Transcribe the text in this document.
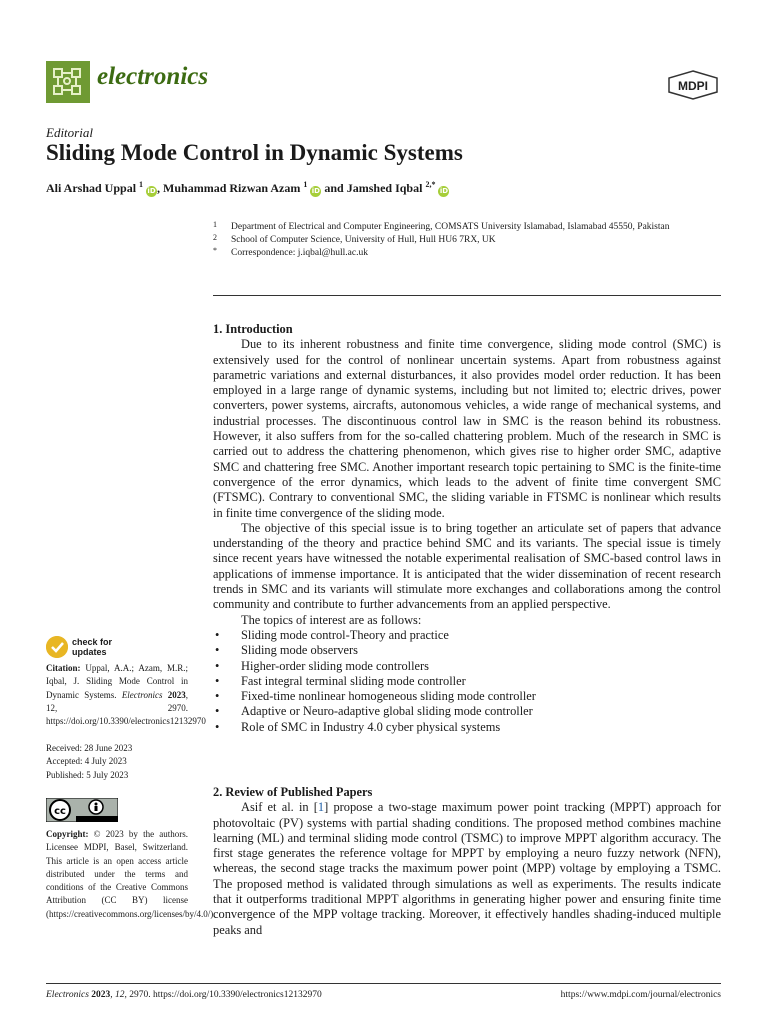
electronics	MDPI
Editorial
Sliding Mode Control in Dynamic Systems
Ali Arshad Uppal $^1$ iD, Muhammad Rizwan Azam $^1$ iD and Jamshed Iqbal $^{2,*}$ iD
1 Department of Electrical and Computer Engineering, COMSATS University Islamabad, Islamabad 45550, Pakistan
2 School of Computer Science, University of Hull, Hull HU6 7RX, UK
* Correspondence: j.iqbal@hull.ac.uk
1. Introduction

Due to its inherent robustness and finite time convergence, sliding mode control (SMC) is extensively used for the control of nonlinear uncertain systems. Apart from robustness against parametric variations and external disturbances, it also provides model order reduction. It has been employed in a large range of dynamic systems, including but not limited to; electric drives, power converters, power systems, aircrafts, autonomous vehicles, a wide range of mechanical systems, and industrial processes. The discontinuous control law in SMC is the reason behind its robustness. However, it also suffers from for the so-called chattering problem. Much of the research in SMC is carried out to address the chattering phenomenon, which gives rise to higher order SMC, adaptive SMC and chattering free SMC. Another important research topic pertaining to SMC is the finite-time convergence of the error dynamics, which leads to the advent of finite time convergent SMC (FTSMC). Contrary to conventional SMC, the sliding variable in FTSMC is nonlinear which results in finite time convergence of the sliding mode.

The objective of this special issue is to bring together an articulate set of papers that advance understanding of the theory and practice behind SMC and its variants. The special issue is timely since recent years have witnessed the notable experimental realisation of SMC-based control laws in applications of immense importance. It is anticipated that the wider dissemination of recent research trends in SMC and its variants will stimulate more exchanges and collaborations among the control community and contribute to further advancements from an applied perspective.

The topics of interest are as follows:

• Sliding mode control-Theory and practice
• Sliding mode observers
• Higher-order sliding mode controllers
• Fast integral terminal sliding mode controller
• Fixed-time nonlinear homogeneous sliding mode controller
• Adaptive or Neuro-adaptive global sliding mode controller
• Role of SMC in Industry 4.0 cyber physical systems
2. Review of Published Papers

Asif et al. in [1] propose a two-stage maximum power point tracking (MPPT) approach for photovoltaic (PV) systems with partial shading conditions. The proposed method combines machine learning (ML) and terminal sliding mode control (TSMC) to improve MPPT algorithm accuracy. The first stage generates the reference voltage for MPPT by employing a neuro fuzzy network (NFN), whereas, the second stage tracks the maximum power point (MPP) voltage by employing a TSMC. The proposed method is validated through simulations as well as experiments. The results indicate that it outperforms traditional MPPT algorithms in generating higher power and ensuring finite time convergence of the MPP voltage tracking. Moreover, it effectively handles shading-induced multiple peaks and

check for
updates
Citation: Uppal, A.A.; Azam, M.R.; Iqbal, J. Sliding Mode Control in Dynamic Systems. Electronics 2023, 12, 2970. https://doi.org/10.3390/electronics12132970
Received: 28 June 2023
Accepted: 4 July 2023
Published: 5 July 2023
cc
Copyright: © 2023 by the authors. Licensee MDPI, Basel, Switzerland. This article is an open access article distributed under the terms and conditions of the Creative Commons Attribution (CC BY) license (https://creativecommons.org/licenses/by/4.0/).
Electronics 2023, 12, 2970. https://doi.org/10.3390/electronics12132970	https://www.mdpi.com/journal/electronics
